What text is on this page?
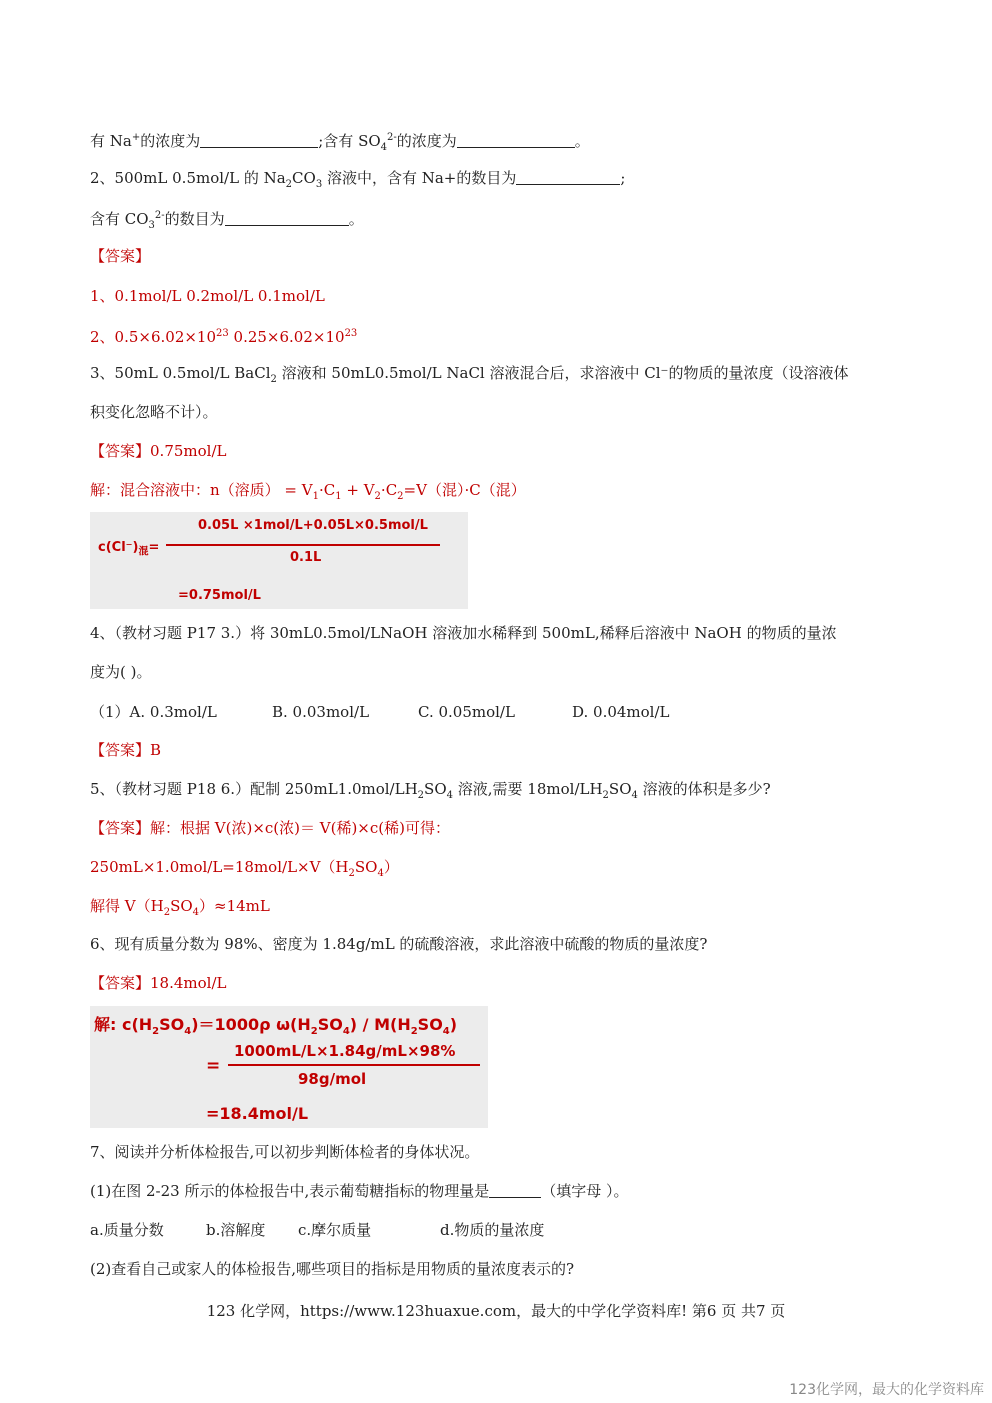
有 Na+的浓度为	;含有 $SO_4^{2-}$的浓度为	。
2、500mL 0.5mol/L 的 $Na_2CO_3$ 溶液中，含有 Na+的数目为	;
含有 $CO_3^{2-}$的数目为	。
【答案】
1、0.1mol/L 0.2mol/L 0.1mol/L
2、$0.5\times 6.02\times 10^{23}$ $0.25\times 6.02\times 10^{23}$
3、50mL 0.5mol/L BaCl$_2$ 溶液和 50mL0.5mol/L NaCl 溶液混合后，求溶液中 Cl⁻的物质的量浓度（设溶液体
积变化忽略不计）。
【答案】0.75mol/L
解：混合溶液中：n（溶质） = $V_1\cdot C_1 + V_2\cdot C_2=V$（混）·C（混）
$c(Cl^-)_混=$
0.05L ×1mol/L+0.05L×0.5mol/L
0.1L
=0.75mol/L
4、（教材习题 P17 3.）将 30mL0.5mol/LNaOH 溶液加水稀释到 500mL,稀释后溶液中 NaOH 的物质的量浓
度为( )。
（1）A. 0.3mol/L	B. 0.03mol/L	C. 0.05mol/L	D. 0.04mol/L
【答案】B
5、（教材习题 P18 6.）配制 $250mL1.0mol/LH_2SO_4$ 溶液,需要 $18mol/LH_2SO_4$ 溶液的体积是多少?
【答案】解：根据 V(浓)×c(浓)＝ V(稀)×c(稀)可得：
$250mL\times 1.0mol/L=18mol/L\times V(H_2SO_4)$
解得 $V(H_2SO_4)\approx 14mL$
6、现有质量分数为 98%、密度为 1.84g/mL 的硫酸溶液，求此溶液中硫酸的物质的量浓度?
【答案】18.4mol/L
解: $c(H_2SO_4)=1000\rho$ $\omega(H_2SO_4) / M(H_2SO_4)$
=
1000mL/L×1.84g/mL×98%
98g/mol
=18.4mol/L
7、阅读并分析体检报告,可以初步判断体检者的身体状况。
(1)在图 2-23 所示的体检报告中,表示葡萄糖指标的物理量是	（填字母 ）。
a.质量分数	b.溶解度 c.摩尔质量	d.物质的量浓度
(2)查看自己或家人的体检报告,哪些项目的指标是用物质的量浓度表示的?
123 化学网，https://www.123huaxue.com，最大的中学化学资料库! 第6 页 共7 页
123化学网，最大的化学资料库
